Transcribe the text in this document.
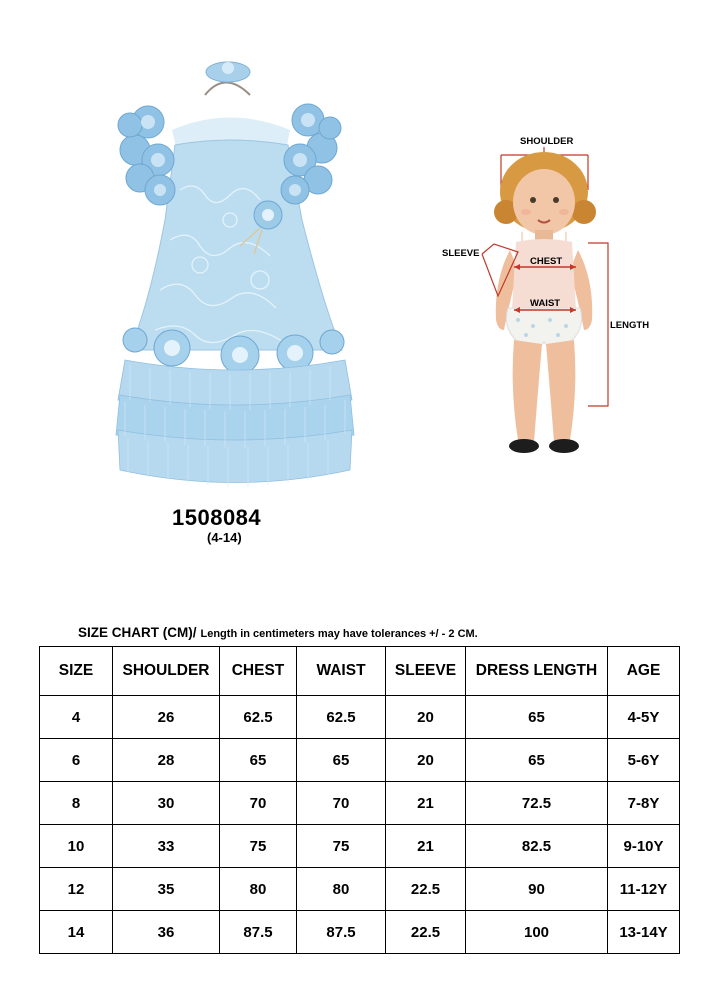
1508084
(4-14)
SHOULDER
CHEST
WAIST
SLEEVE
LENGTH
SIZE CHART (CM)/ Length in centimeters may have tolerances +/ - 2 CM.
SIZE	SHOULDER	CHEST	WAIST	SLEEVE	DRESS LENGTH	AGE
4	26	62.5	62.5	20	65	4-5Y
6	28	65	65	20	65	5-6Y
8	30	70	70	21	72.5	7-8Y
10	33	75	75	21	82.5	9-10Y
12	35	80	80	22.5	90	11-12Y
14	36	87.5	87.5	22.5	100	13-14Y
